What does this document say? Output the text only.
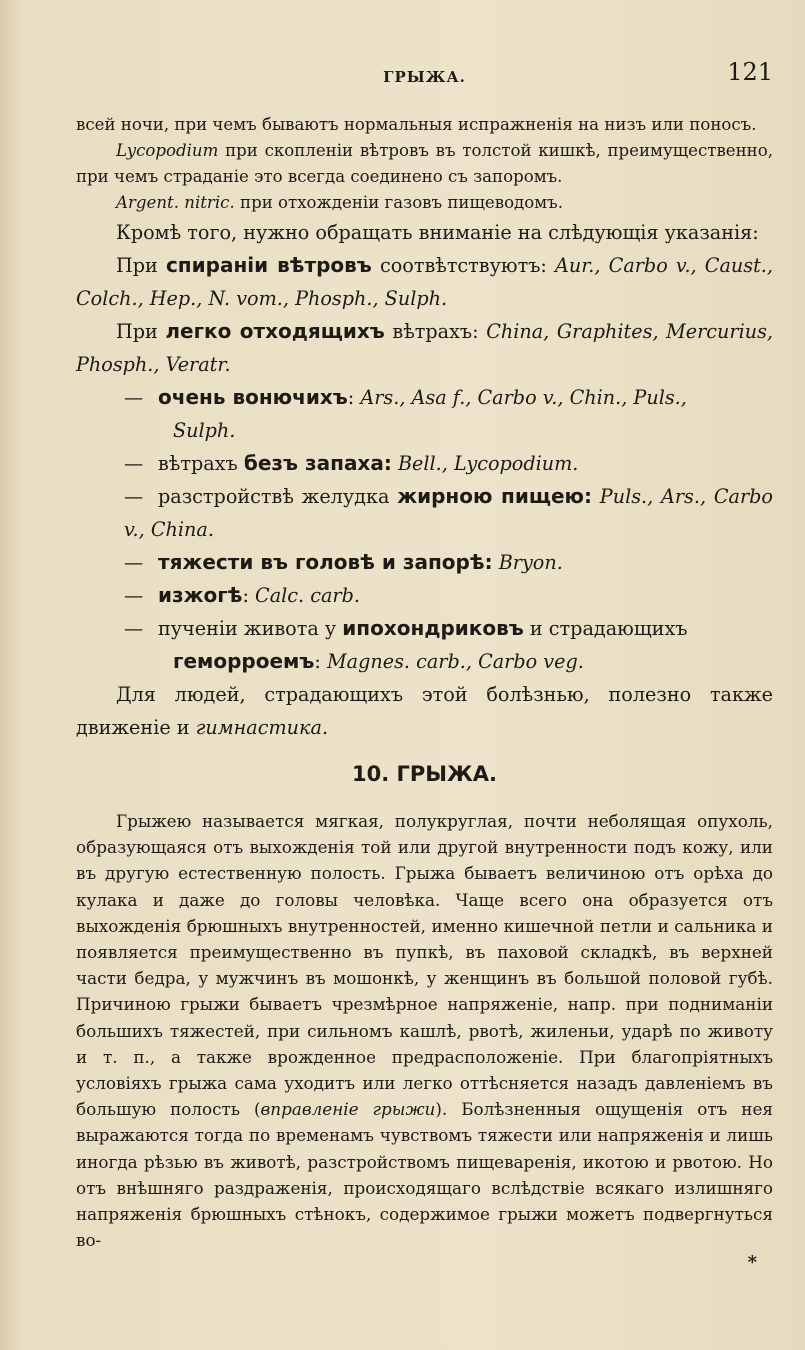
ГРЫЖА.	121

всей ночи, при чемъ бываютъ нормальныя испражненія на низъ или поносъ.

Lycopodium при скопленіи вѣтровъ въ толстой кишкѣ, преимущественно, при чемъ страданіе это всегда соединено съ запоромъ.

Argent. nitric. при отхожденіи газовъ пищеводомъ.

Кромѣ того, нужно обращать вниманіе на слѣдующія указанія:

При спираніи вѣтровъ соотвѣтствуютъ: Aur., Carbo v., Caust., Colch., Hep., N. vom., Phosph., Sulph.

При легко отходящихъ вѣтрахъ: China, Graphites, Mercurius, Phosph., Veratr.

— очень вонючихъ: Ars., Asa f., Carbo v., Chin., Puls.,

Sulph.

— вѣтрахъ безъ запаха: Bell., Lycopodium.

— разстройствѣ желудка жирною пищею: Puls., Ars., Carbo v., China.

— тяжести въ головѣ и запорѣ: Bryon.

— изжогѣ: Calc. carb.

— пученіи живота у ипохондриковъ и страдающихъ

геморроемъ: Magnes. carb., Carbo veg.

Для людей, страдающихъ этой болѣзнью, полезно также движеніе и гимнастика.

10. ГРЫЖА.

Грыжею называется мягкая, полукруглая, почти неболящая опухоль, образующаяся отъ выхожденія той или другой внутренности подъ кожу, или въ другую естественную полость. Грыжа бываетъ величиною отъ орѣха до кулака и даже до головы человѣка. Чаще всего она образуется отъ выхожденія брюшныхъ внутренностей, именно кишечной петли и сальника и появляется преимущественно въ пупкѣ, въ паховой складкѣ, въ верхней части бедра, у мужчинъ въ мошонкѣ, у женщинъ въ большой половой губѣ. Причиною грыжи бываетъ чрезмѣрное напряженіе, напр. при подниманіи большихъ тяжестей, при сильномъ кашлѣ, рвотѣ, жиленьи, ударѣ по животу и т. п., а также врожденное предрасположеніе. При благопріятныхъ условіяхъ грыжа сама уходитъ или легко оттѣсняется назадъ давленіемъ въ большую полость (вправленіе грыжи). Болѣзненныя ощущенія отъ нея выражаются тогда по временамъ чувствомъ тяжести или напряженія и лишь иногда рѣзью въ животѣ, разстройствомъ пищеваренія, икотою и рвотою. Но отъ внѣшняго раздраженія, происходящаго вслѣдствіе всякаго излишняго напряженія брюшныхъ стѣнокъ, содержимое грыжи можетъ подвергнуться во-

*
